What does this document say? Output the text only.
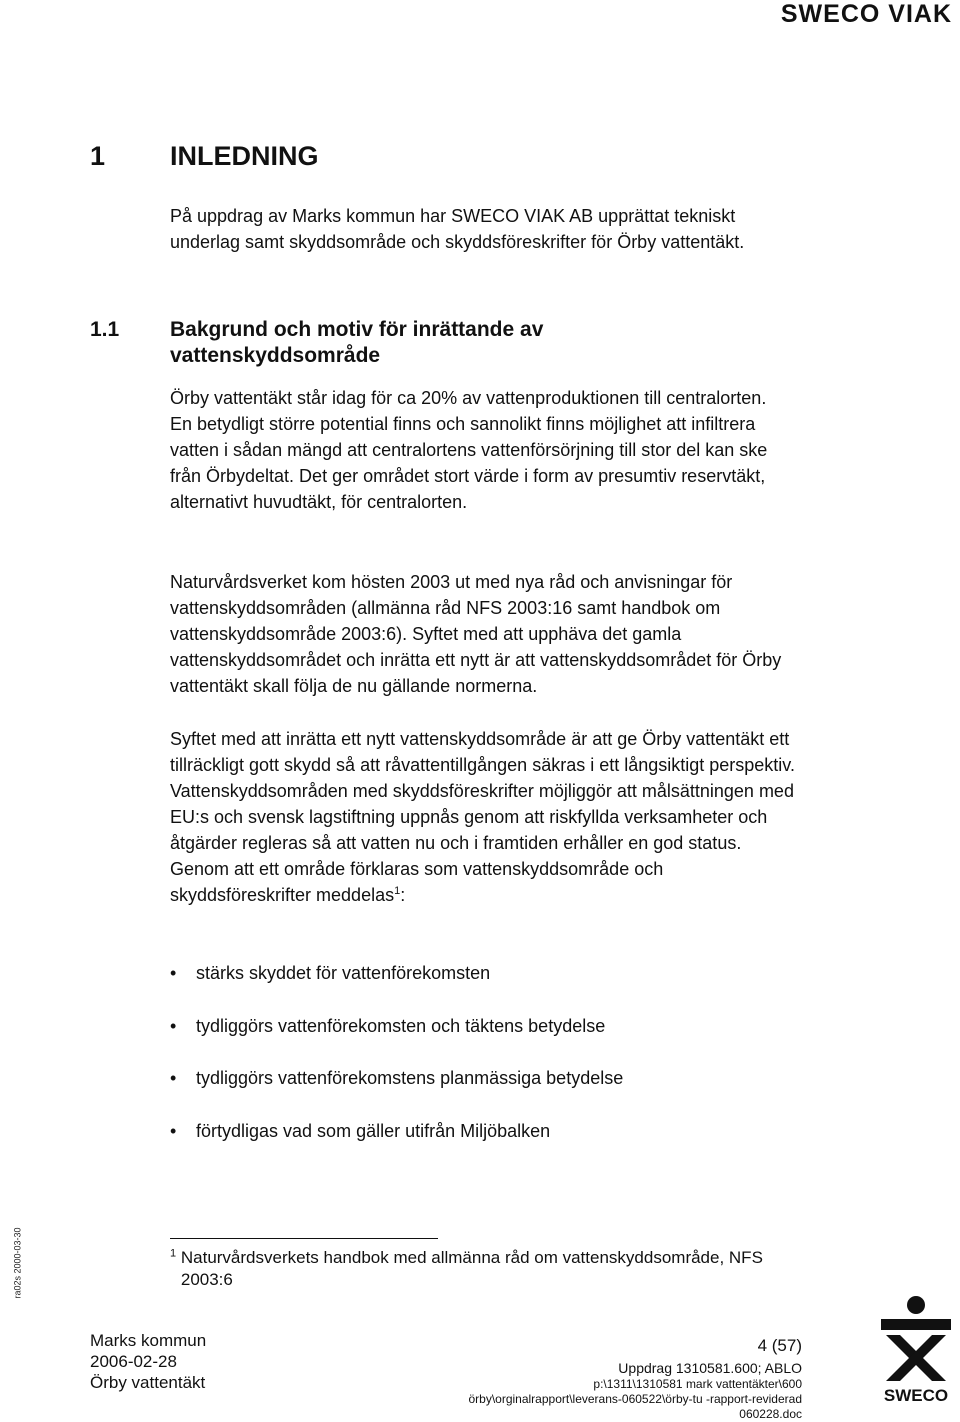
SWECO VIAK
1 INLEDNING

På uppdrag av Marks kommun har SWECO VIAK AB upprättat tekniskt underlag samt skyddsområde och skyddsföreskrifter för Örby vattentäkt.

1.1 Bakgrund och motiv för inrättande av vattenskyddsområde

Örby vattentäkt står idag för ca 20% av vattenproduktionen till centralorten. En betydligt större potential finns och sannolikt finns möjlighet att infiltrera vatten i sådan mängd att centralortens vattenförsörjning till stor del kan ske från Örbydeltat. Det ger området stort värde i form av presumtiv reservtäkt, alternativt huvudtäkt, för centralorten.

Naturvårdsverket kom hösten 2003 ut med nya råd och anvisningar för vattenskyddsområden (allmänna råd NFS 2003:16 samt handbok om vattenskyddsområde 2003:6). Syftet med att upphäva det gamla vattenskyddsområdet och inrätta ett nytt är att vattenskyddsområdet för Örby vattentäkt skall följa de nu gällande normerna.

Syftet med att inrätta ett nytt vattenskyddsområde är att ge Örby vattentäkt ett tillräckligt gott skydd så att råvattentillgången säkras i ett långsiktigt perspektiv. Vattenskyddsområden med skyddsföreskrifter möjliggör att målsättningen med EU:s och svensk lagstiftning uppnås genom att riskfyllda verksamheter och åtgärder regleras så att vatten nu och i framtiden erhåller en god status. Genom att ett område förklaras som vattenskyddsområde och skyddsföreskrifter meddelas$^1$:

• stärks skyddet för vattenförekomsten
• tydliggörs vattenförekomsten och täktens betydelse
• tydliggörs vattenförekomstens planmässiga betydelse
• förtydligas vad som gäller utifrån Miljöbalken
$^1$ Naturvårdsverkets handbok med allmänna råd om vattenskyddsområde, NFS 2003:6
ra02s 2000-03-30
Marks kommun
2006-02-28
Örby vattentäkt
4 (57)
Uppdrag 1310581.600; ABLO
p:\1311\1310581 mark vattentäkter\600
örby\orginalrapport\leverans-060522\örby-tu -rapport-reviderad
060228.doc
SWECO
